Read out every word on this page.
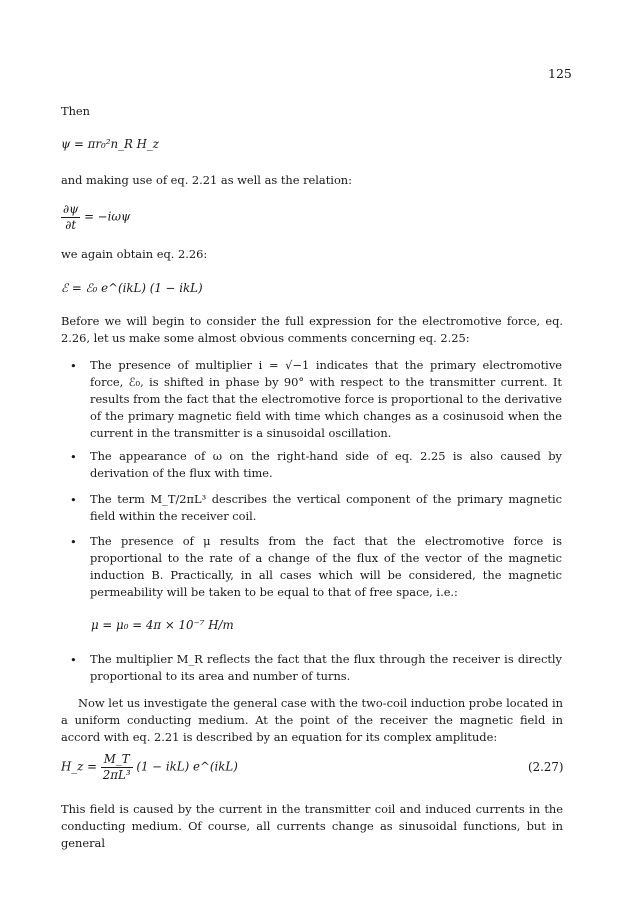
125
Then
ψ = πr₀²n_R H_z
and making use of eq. 2.21 as well as the relation:
$\frac{\partial\psi}{\partial t} = -i\omega\psi$
we again obtain eq. 2.26:
ℰ = ℰ₀ e^(ikL) (1 − ikL)
Before we will begin to consider the full expression for the electromotive force, eq. 2.26, let us make some almost obvious comments concerning eq. 2.25:
• The presence of multiplier i = √−1 indicates that the primary electromotive force, ℰ₀, is shifted in phase by 90° with respect to the transmitter current. It results from the fact that the electromotive force is proportional to the derivative of the primary magnetic field with time which changes as a cosinusoid when the current in the transmitter is a sinusoidal oscillation.
• The appearance of ω on the right-hand side of eq. 2.25 is also caused by derivation of the flux with time.
• The term M_T/2πL³ describes the vertical component of the primary magnetic field within the receiver coil.
• The presence of μ results from the fact that the electromotive force is proportional to the rate of a change of the flux of the vector of the magnetic induction B. Practically, in all cases which will be considered, the magnetic permeability will be taken to be equal to that of free space, i.e.:
μ = μ₀ = 4π × 10⁻⁷ H/m
• The multiplier M_R reflects the fact that the flux through the receiver is directly proportional to its area and number of turns.
Now let us investigate the general case with the two-coil induction probe located in a uniform conducting medium. At the point of the receiver the magnetic field in accord with eq. 2.21 is described by an equation for its complex amplitude:
H_z = $\frac{M\_T}{\text{2πL³}} (1 - ikL)$ e^(ikL)	(2.27)
This field is caused by the current in the transmitter coil and induced currents in the conducting medium. Of course, all currents change as sinusoidal functions, but in general
